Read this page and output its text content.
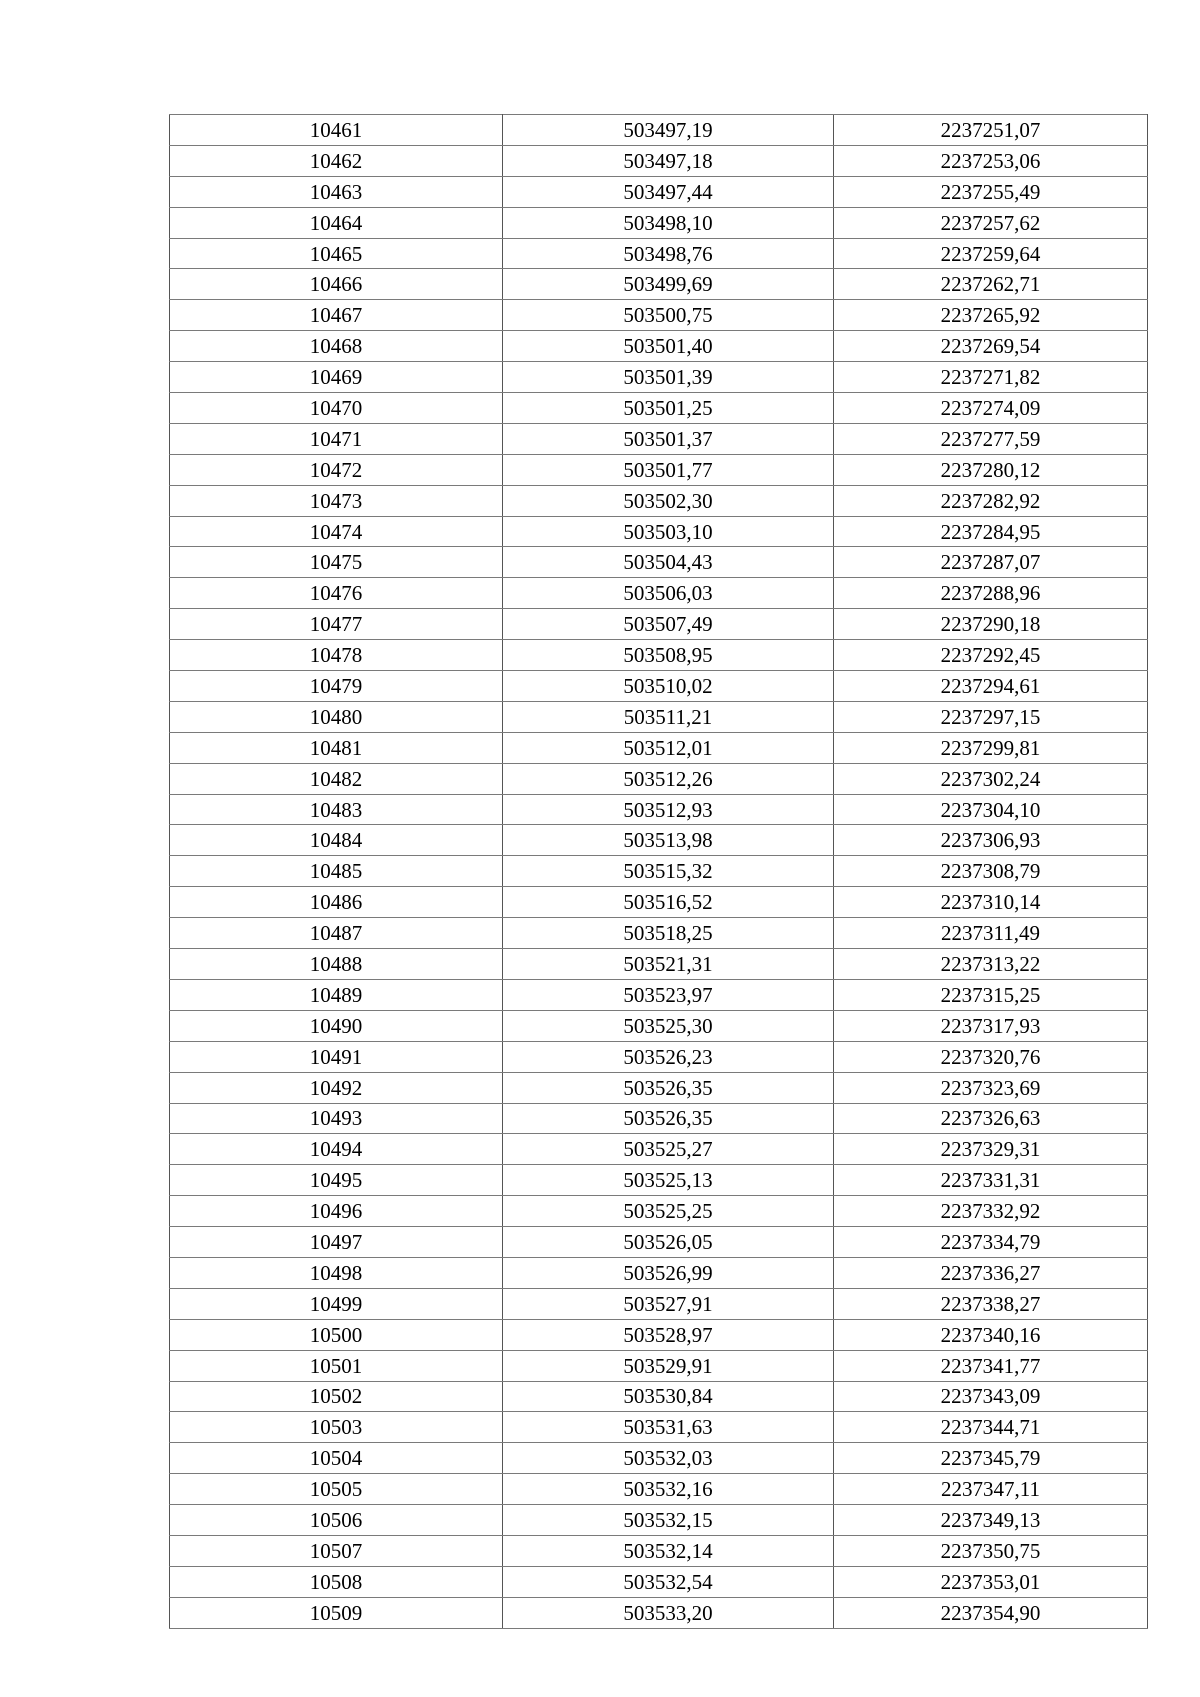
10461	503497,19	2237251,07
10462	503497,18	2237253,06
10463	503497,44	2237255,49
10464	503498,10	2237257,62
10465	503498,76	2237259,64
10466	503499,69	2237262,71
10467	503500,75	2237265,92
10468	503501,40	2237269,54
10469	503501,39	2237271,82
10470	503501,25	2237274,09
10471	503501,37	2237277,59
10472	503501,77	2237280,12
10473	503502,30	2237282,92
10474	503503,10	2237284,95
10475	503504,43	2237287,07
10476	503506,03	2237288,96
10477	503507,49	2237290,18
10478	503508,95	2237292,45
10479	503510,02	2237294,61
10480	503511,21	2237297,15
10481	503512,01	2237299,81
10482	503512,26	2237302,24
10483	503512,93	2237304,10
10484	503513,98	2237306,93
10485	503515,32	2237308,79
10486	503516,52	2237310,14
10487	503518,25	2237311,49
10488	503521,31	2237313,22
10489	503523,97	2237315,25
10490	503525,30	2237317,93
10491	503526,23	2237320,76
10492	503526,35	2237323,69
10493	503526,35	2237326,63
10494	503525,27	2237329,31
10495	503525,13	2237331,31
10496	503525,25	2237332,92
10497	503526,05	2237334,79
10498	503526,99	2237336,27
10499	503527,91	2237338,27
10500	503528,97	2237340,16
10501	503529,91	2237341,77
10502	503530,84	2237343,09
10503	503531,63	2237344,71
10504	503532,03	2237345,79
10505	503532,16	2237347,11
10506	503532,15	2237349,13
10507	503532,14	2237350,75
10508	503532,54	2237353,01
10509	503533,20	2237354,90
